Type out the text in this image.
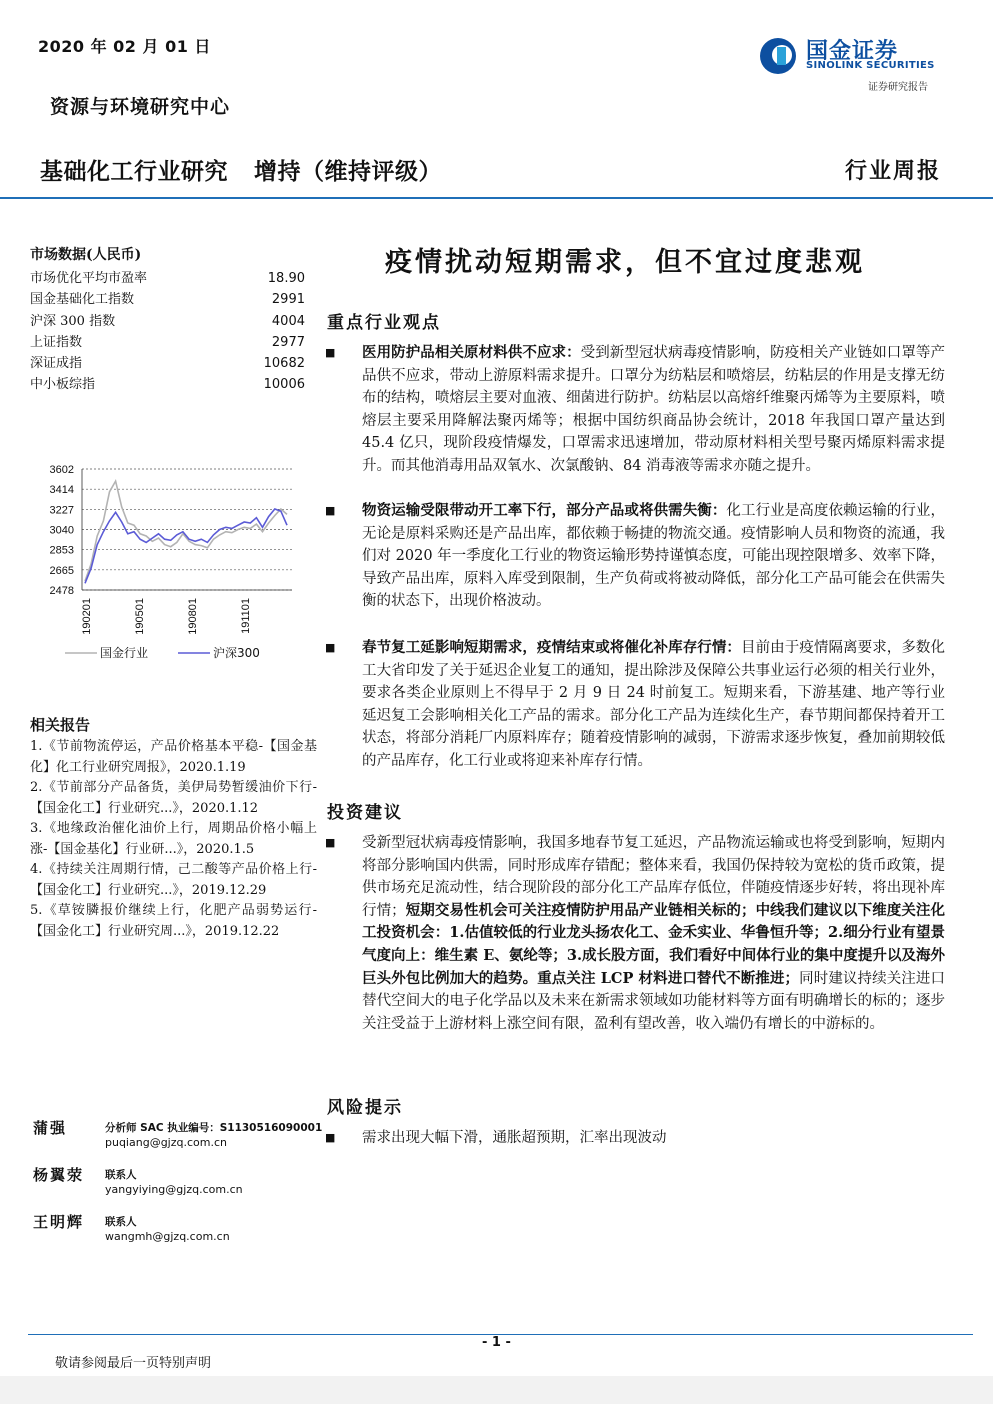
2020 年 02 月 01 日
资源与环境研究中心
国金证券
SINOLINK SECURITIES
证券研究报告
基础化工行业研究 增持（维持评级）	行业周报
市场数据(人民币)
市场优化平均市盈率	18.90
国金基础化工指数	2991
沪深 300 指数	4004
上证指数	2977
深证成指	10682
中小板综指	10006
3602
3414
3227
3040
2853
2665
2478
190201	190501	190801	191101
国金行业	沪深300
相关报告

1.《节前物流停运，产品价格基本平稳-【国金基化】化工行业研究周报》，2020.1.19

2.《节前部分产品备货，美伊局势暂缓油价下行-【国金化工】行业研究...》，2020.1.12

3.《地缘政治催化油价上行，周期品价格小幅上涨-【国金基化】行业研...》，2020.1.5

4.《持续关注周期行情，己二酸等产品价格上行-【国金化工】行业研究...》，2019.12.29

5.《草铵膦报价继续上行，化肥产品弱势运行-【国金化工】行业研究周...》，2019.12.22

蒲强	分析师 SAC 执业编号：S1130516090001
puqiang@gjzq.com.cn
杨翼荥 联系人
yangyiying@gjzq.com.cn
王明辉 联系人
wangmh@gjzq.com.cn
疫情扰动短期需求，但不宜过度悲观
重点行业观点
■ 医用防护品相关原材料供不应求：受到新型冠状病毒疫情影响，防疫相关产业链如口罩等产品供不应求，带动上游原料需求提升。口罩分为纺粘层和喷熔层，纺粘层的作用是支撑无纺布的结构，喷熔层主要对血液、细菌进行防护。纺粘层以高熔纤维聚丙烯等为主要原料，喷熔层主要采用降解法聚丙烯等；根据中国纺织商品协会统计，2018 年我国口罩产量达到 45.4 亿只，现阶段疫情爆发，口罩需求迅速增加，带动原材料相关型号聚丙烯原料需求提升。而其他消毒用品双氧水、次氯酸钠、84 消毒液等需求亦随之提升。
■ 物资运输受限带动开工率下行，部分产品或将供需失衡：化工行业是高度依赖运输的行业，无论是原料采购还是产品出库，都依赖于畅捷的物流交通。疫情影响人员和物资的流通，我们对 2020 年一季度化工行业的物资运输形势持谨慎态度，可能出现控限增多、效率下降，导致产品出库，原料入库受到限制，生产负荷或将被动降低，部分化工产品可能会在供需失衡的状态下，出现价格波动。
■ 春节复工延影响短期需求，疫情结束或将催化补库存行情：目前由于疫情隔离要求，多数化工大省印发了关于延迟企业复工的通知，提出除涉及保障公共事业运行必须的相关行业外，要求各类企业原则上不得早于 2 月 9 日 24 时前复工。短期来看，下游基建、地产等行业延迟复工会影响相关化工产品的需求。部分化工产品为连续化生产，春节期间都保持着开工状态，将部分消耗厂内原料库存；随着疫情影响的减弱，下游需求逐步恢复，叠加前期较低的产品库存，化工行业或将迎来补库存行情。
投资建议
■ 受新型冠状病毒疫情影响，我国多地春节复工延迟，产品物流运输或也将受到影响，短期内将部分影响国内供需，同时形成库存错配；整体来看，我国仍保持较为宽松的货币政策，提供市场充足流动性，结合现阶段的部分化工产品库存低位，伴随疫情逐步好转，将出现补库行情；短期交易性机会可关注疫情防护用品产业链相关标的；中线我们建议以下维度关注化工投资机会：1.估值较低的行业龙头扬农化工、金禾实业、华鲁恒升等；2.细分行业有望景气度向上：维生素 E、氨纶等；3.成长股方面，我们看好中间体行业的集中度提升以及海外巨头外包比例加大的趋势。重点关注 LCP 材料进口替代不断推进；同时建议持续关注进口替代空间大的电子化学品以及未来在新需求领域如功能材料等方面有明确增长的标的；逐步关注受益于上游材料上涨空间有限，盈利有望改善，收入端仍有增长的中游标的。
风险提示
■ 需求出现大幅下滑，通胀超预期，汇率出现波动
- 1 -
敬请参阅最后一页特别声明
